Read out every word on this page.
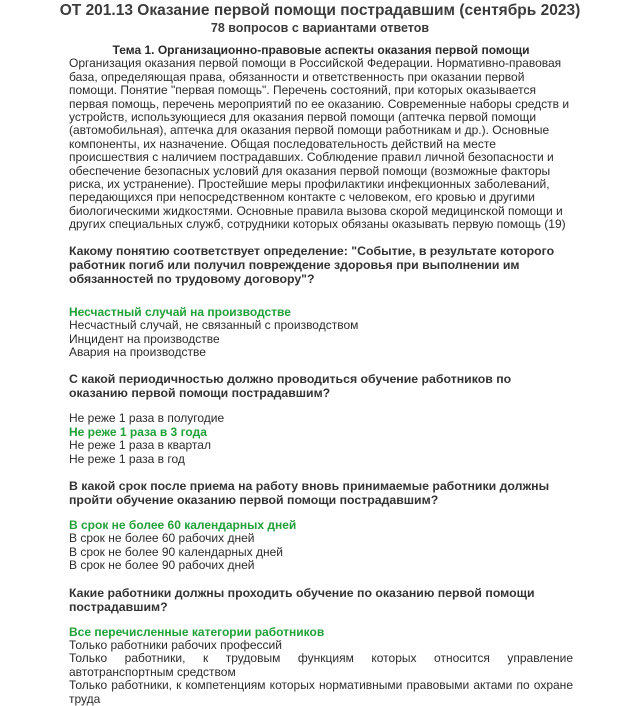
ОТ 201.13 Оказание первой помощи пострадавшим (сентябрь 2023)
78 вопросов с вариантами ответов

Тема 1. Организационно-правовые аспекты оказания первой помощи

Организация оказания первой помощи в Российской Федерации. Нормативно-правовая база, определяющая права, обязанности и ответственность при оказании первой помощи. Понятие "первая помощь". Перечень состояний, при которых оказывается первая помощь, перечень мероприятий по ее оказанию. Современные наборы средств и устройств, использующиеся для оказания первой помощи (аптечка первой помощи (автомобильная), аптечка для оказания первой помощи работникам и др.). Основные компоненты, их назначение. Общая последовательность действий на месте происшествия с наличием пострадавших. Соблюдение правил личной безопасности и обеспечение безопасных условий для оказания первой помощи (возможные факторы риска, их устранение). Простейшие меры профилактики инфекционных заболеваний, передающихся при непосредственном контакте с человеком, его кровью и другими биологическими жидкостями. Основные правила вызова скорой медицинской помощи и других специальных служб, сотрудники которых обязаны оказывать первую помощь (19)

Какому понятию соответствует определение: "Событие, в результате которого работник погиб или получил повреждение здоровья при выполнении им обязанностей по трудовому договору"?

Несчастный случай на производстве
Несчастный случай, не связанный с производством
Инцидент на производстве
Авария на производстве

С какой периодичностью должно проводиться обучение работников по оказанию первой помощи пострадавшим?

Не реже 1 раза в полугодие
Не реже 1 раза в 3 года
Не реже 1 раза в квартал
Не реже 1 раза в год

В какой срок после приема на работу вновь принимаемые работники должны пройти обучение оказанию первой помощи пострадавшим?

В срок не более 60 календарных дней
В срок не более 60 рабочих дней
В срок не более 90 календарных дней
В срок не более 90 рабочих дней

Какие работники должны проходить обучение по оказанию первой помощи пострадавшим?

Все перечисленные категории работников
Только работники рабочих профессий
Только работники, к трудовым функциям которых относится управление автотранспортным средством
Только работники, к компетенциям которых нормативными правовыми актами по охране труда
